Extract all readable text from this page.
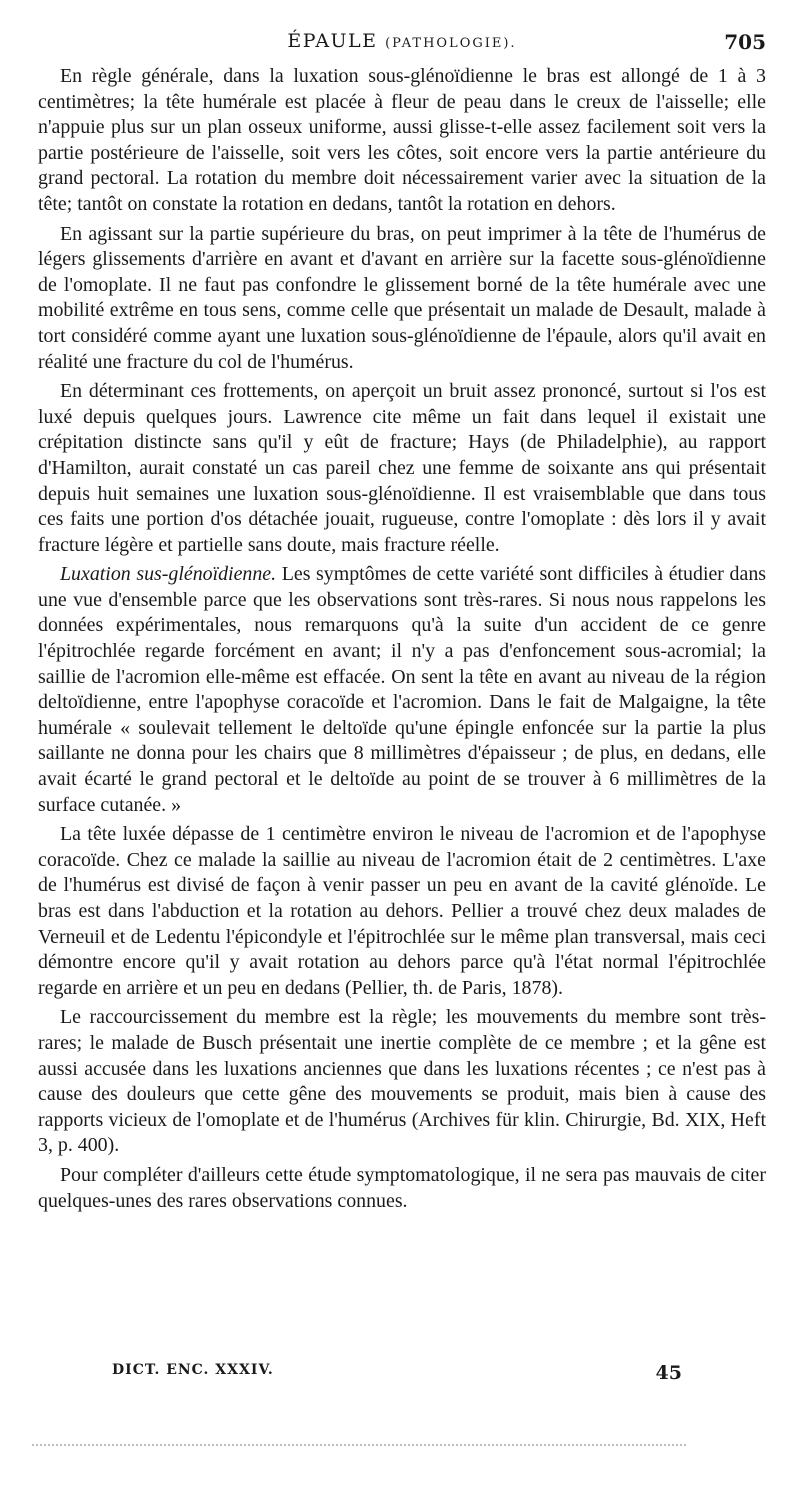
ÉPAULE (PATHOLOGIE).	705

En règle générale, dans la luxation sous-glénoïdienne le bras est allongé de 1 à 3 centimètres; la tête humérale est placée à fleur de peau dans le creux de l'aisselle; elle n'appuie plus sur un plan osseux uniforme, aussi glisse-t-elle assez facilement soit vers la partie postérieure de l'aisselle, soit vers les côtes, soit encore vers la partie antérieure du grand pectoral. La rotation du membre doit nécessairement varier avec la situation de la tête; tantôt on constate la rotation en dedans, tantôt la rotation en dehors.

En agissant sur la partie supérieure du bras, on peut imprimer à la tête de l'humérus de légers glissements d'arrière en avant et d'avant en arrière sur la facette sous-glénoïdienne de l'omoplate. Il ne faut pas confondre le glissement borné de la tête humérale avec une mobilité extrême en tous sens, comme celle que présentait un malade de Desault, malade à tort considéré comme ayant une luxation sous-glénoïdienne de l'épaule, alors qu'il avait en réalité une fracture du col de l'humérus.

En déterminant ces frottements, on aperçoit un bruit assez prononcé, surtout si l'os est luxé depuis quelques jours. Lawrence cite même un fait dans lequel il existait une crépitation distincte sans qu'il y eût de fracture; Hays (de Philadelphie), au rapport d'Hamilton, aurait constaté un cas pareil chez une femme de soixante ans qui présentait depuis huit semaines une luxation sous-glénoïdienne. Il est vraisemblable que dans tous ces faits une portion d'os détachée jouait, rugueuse, contre l'omoplate : dès lors il y avait fracture légère et partielle sans doute, mais fracture réelle.

Luxation sus-glénoïdienne. Les symptômes de cette variété sont difficiles à étudier dans une vue d'ensemble parce que les observations sont très-rares. Si nous nous rappelons les données expérimentales, nous remarquons qu'à la suite d'un accident de ce genre l'épitrochlée regarde forcément en avant; il n'y a pas d'enfoncement sous-acromial; la saillie de l'acromion elle-même est effacée. On sent la tête en avant au niveau de la région deltoïdienne, entre l'apophyse coracoïde et l'acromion. Dans le fait de Malgaigne, la tête humérale « soulevait tellement le deltoïde qu'une épingle enfoncée sur la partie la plus saillante ne donna pour les chairs que 8 millimètres d'épaisseur ; de plus, en dedans, elle avait écarté le grand pectoral et le deltoïde au point de se trouver à 6 millimètres de la surface cutanée. »

La tête luxée dépasse de 1 centimètre environ le niveau de l'acromion et de l'apophyse coracoïde. Chez ce malade la saillie au niveau de l'acromion était de 2 centimètres. L'axe de l'humérus est divisé de façon à venir passer un peu en avant de la cavité glénoïde. Le bras est dans l'abduction et la rotation au dehors. Pellier a trouvé chez deux malades de Verneuil et de Ledentu l'épicondyle et l'épitrochlée sur le même plan transversal, mais ceci démontre encore qu'il y avait rotation au dehors parce qu'à l'état normal l'épitrochlée regarde en arrière et un peu en dedans (Pellier, th. de Paris, 1878).

Le raccourcissement du membre est la règle; les mouvements du membre sont très-rares; le malade de Busch présentait une inertie complète de ce membre ; et la gêne est aussi accusée dans les luxations anciennes que dans les luxations récentes ; ce n'est pas à cause des douleurs que cette gêne des mouvements se produit, mais bien à cause des rapports vicieux de l'omoplate et de l'humérus (Archives für klin. Chirurgie, Bd. XIX, Heft 3, p. 400).

Pour compléter d'ailleurs cette étude symptomatologique, il ne sera pas mauvais de citer quelques-unes des rares observations connues.

DICT. ENC. XXXIV.	45
